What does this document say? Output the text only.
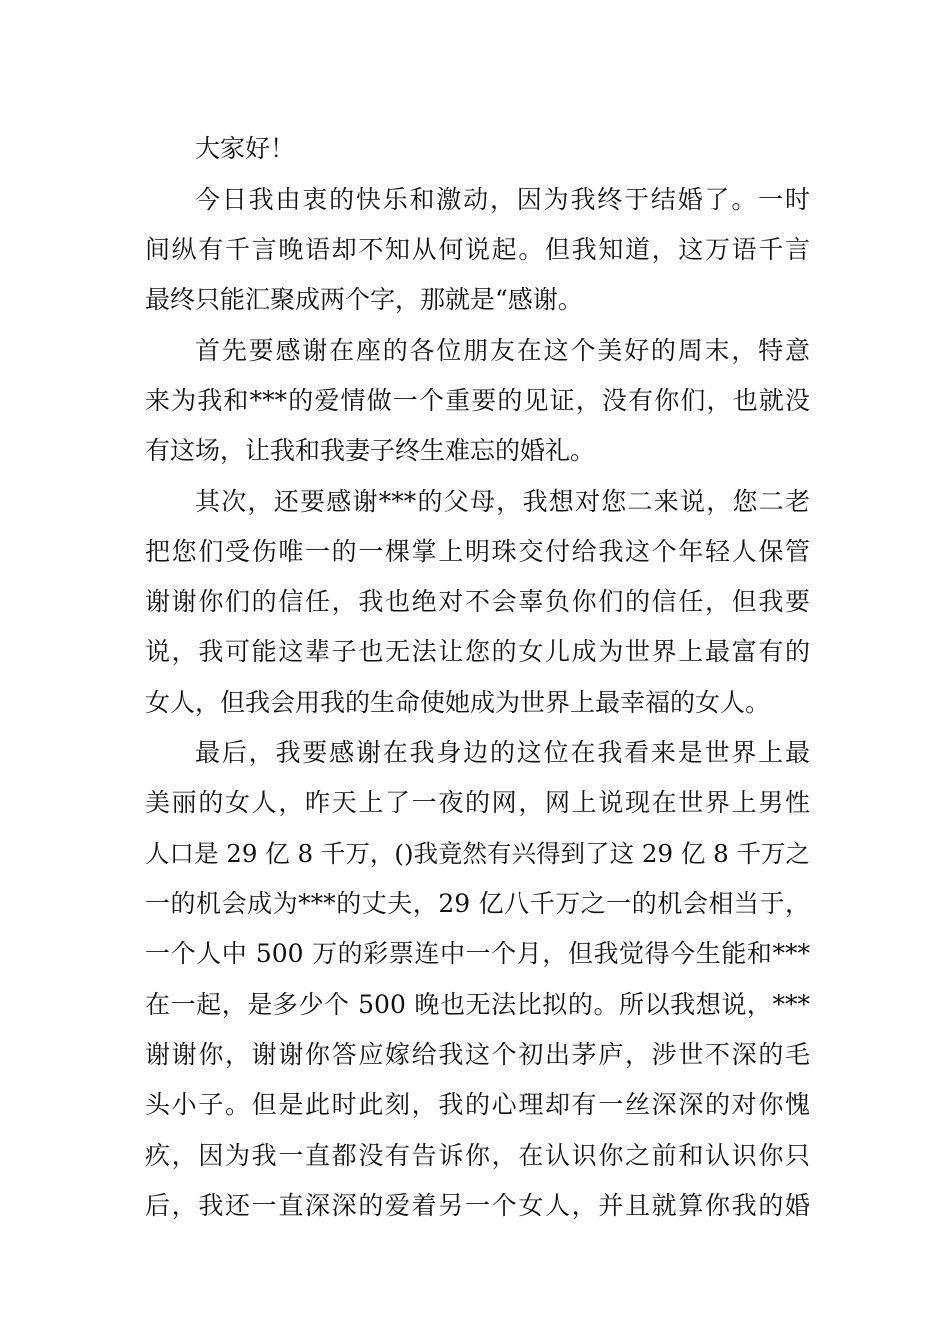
大家好！
今日我由衷的快乐和激动，因为我终于结婚了。一时
间纵有千言晚语却不知从何说起。但我知道，这万语千言
最终只能汇聚成两个字，那就是“感谢。
首先要感谢在座的各位朋友在这个美好的周末，特意
来为我和***的爱情做一个重要的见证，没有你们，也就没
有这场，让我和我妻子终生难忘的婚礼。
其次，还要感谢***的父母，我想对您二来说，您二老
把您们受伤唯一的一棵掌上明珠交付给我这个年轻人保管
谢谢你们的信任，我也绝对不会辜负你们的信任，但我要
说，我可能这辈子也无法让您的女儿成为世界上最富有的
女人，但我会用我的生命使她成为世界上最幸福的女人。
最后，我要感谢在我身边的这位在我看来是世界上最
美丽的女人，昨天上了一夜的网，网上说现在世界上男性
人口是 29 亿 8 千万，()我竟然有兴得到了这 29 亿 8 千万之
一的机会成为***的丈夫，29 亿八千万之一的机会相当于，
一个人中 500 万的彩票连中一个月，但我觉得今生能和***
在一起，是多少个 500 晚也无法比拟的。所以我想说，***
谢谢你，谢谢你答应嫁给我这个初出茅庐，涉世不深的毛
头小子。但是此时此刻，我的心理却有一丝深深的对你愧
疚，因为我一直都没有告诉你，在认识你之前和认识你只
后，我还一直深深的爱着另一个女人，并且就算你我的婚
